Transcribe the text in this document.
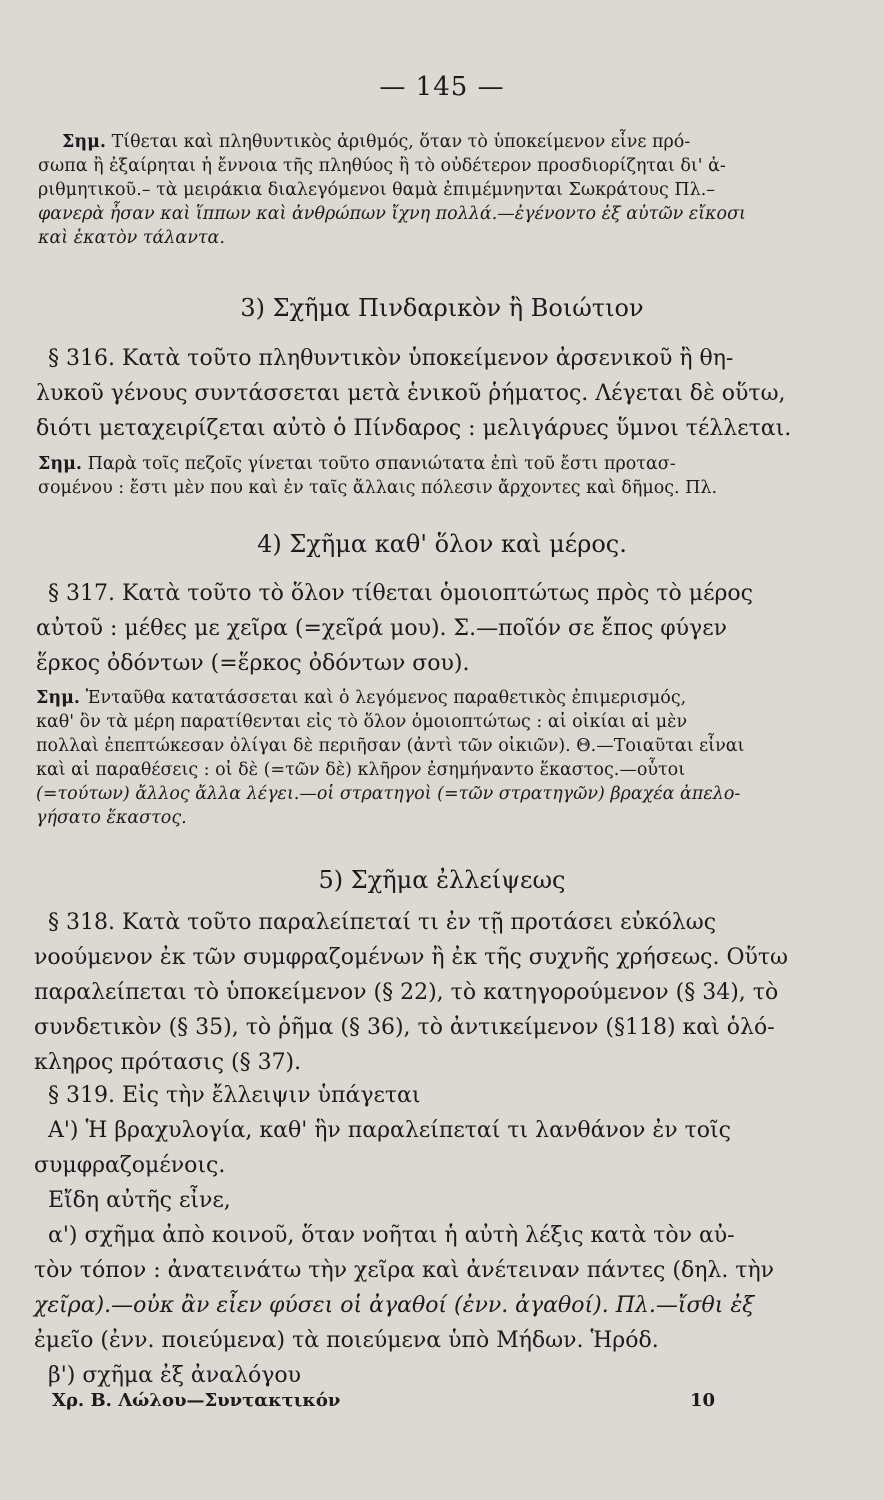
— 145 —
Σημ. Τίθεται καὶ πληθυντικὸς ἀριθμός, ὅταν τὸ ὑποκείμενον εἶνε πρό-
σωπα ἢ ἐξαίρηται ἡ ἔννοια τῆς πληθύος ἢ τὸ οὐδέτερον προσδιορίζηται δι' ἀ-
ριθμητικοῦ.– τὰ μειράκια διαλεγόμενοι θαμὰ ἐπιμέμνηνται Σωκράτους Πλ.–
φανερὰ ἦσαν καὶ ἵππων καὶ ἀνθρώπων ἴχνη πολλά.—ἐγένοντο ἐξ αὐτῶν εἴκοσι
καὶ ἑκατὸν τάλαντα.
3) Σχῆμα Πινδαρικὸν ἢ Βοιώτιον
§ 316. Κατὰ τοῦτο πληθυντικὸν ὑποκείμενον ἀρσενικοῦ ἢ θη-
λυκοῦ γένους συντάσσεται μετὰ ἑνικοῦ ῥήματος. Λέγεται δὲ οὕτω,
διότι μεταχειρίζεται αὐτὸ ὁ Πίνδαρος : μελιγάρυες ὕμνοι τέλλεται.
Σημ. Παρὰ τοῖς πεζοῖς γίνεται τοῦτο σπανιώτατα ἐπὶ τοῦ ἔστι προτασ-
σομένου : ἔστι μὲν που καὶ ἐν ταῖς ἄλλαις πόλεσιν ἄρχοντες καὶ δῆμος. Πλ.
4) Σχῆμα καθ' ὅλον καὶ μέρος.
§ 317. Κατὰ τοῦτο τὸ ὅλον τίθεται ὁμοιοπτώτως πρὸς τὸ μέρος
αὐτοῦ : μέθες με χεῖρα (=χεῖρά μου). Σ.—ποῖόν σε ἔπος φύγεν
ἕρκος ὀδόντων (=ἕρκος ὀδόντων σου).
Σημ. Ἐνταῦθα κατατάσσεται καὶ ὁ λεγόμενος παραθετικὸς ἐπιμερισμός,
καθ' ὃν τὰ μέρη παρατίθενται εἰς τὸ ὅλον ὁμοιοπτώτως : αἱ οἰκίαι αἱ μὲν
πολλαὶ ἐπεπτώκεσαν ὀλίγαι δὲ περιῆσαν (ἀντὶ τῶν οἰκιῶν). Θ.—Τοιαῦται εἶναι
καὶ αἱ παραθέσεις : οἱ δὲ (=τῶν δὲ) κλῆρον ἐσημήναντο ἕκαστος.—οὗτοι
(=τούτων) ἄλλος ἄλλα λέγει.—οἱ στρατηγοὶ (=τῶν στρατηγῶν) βραχέα ἀπελο-
γήσατο ἕκαστος.
5) Σχῆμα ἐλλείψεως
§ 318. Κατὰ τοῦτο παραλείπεταί τι ἐν τῇ προτάσει εὐκόλως
νοούμενον ἐκ τῶν συμφραζομένων ἢ ἐκ τῆς συχνῆς χρήσεως. Οὕτω
παραλείπεται τὸ ὑποκείμενον (§ 22), τὸ κατηγορούμενον (§ 34), τὸ
συνδετικὸν (§ 35), τὸ ῥῆμα (§ 36), τὸ ἀντικείμενον (§118) καὶ ὁλό-
κληρος πρότασις (§ 37).
§ 319. Εἰς τὴν ἔλλειψιν ὑπάγεται
Α') Ἡ βραχυλογία, καθ' ἣν παραλείπεταί τι λανθάνον ἐν τοῖς
συμφραζομένοις.
Εἴδη αὐτῆς εἶνε,
α') σχῆμα ἀπὸ κοινοῦ, ὅταν νοῆται ἡ αὐτὴ λέξις κατὰ τὸν αὐ-
τὸν τόπον : ἀνατεινάτω τὴν χεῖρα καὶ ἀνέτειναν πάντες (δηλ. τὴν
χεῖρα).—οὐκ ἂν εἶεν φύσει οἱ ἀγαθοί (ἐνν. ἀγαθοί). Πλ.—ἴσθι ἐξ
ἐμεῖο (ἐνν. ποιεύμενα) τὰ ποιεύμενα ὑπὸ Μήδων. Ἡρόδ.
β') σχῆμα ἐξ ἀναλόγου
Χρ. Β. Λώλου—Συντακτικόν	10
